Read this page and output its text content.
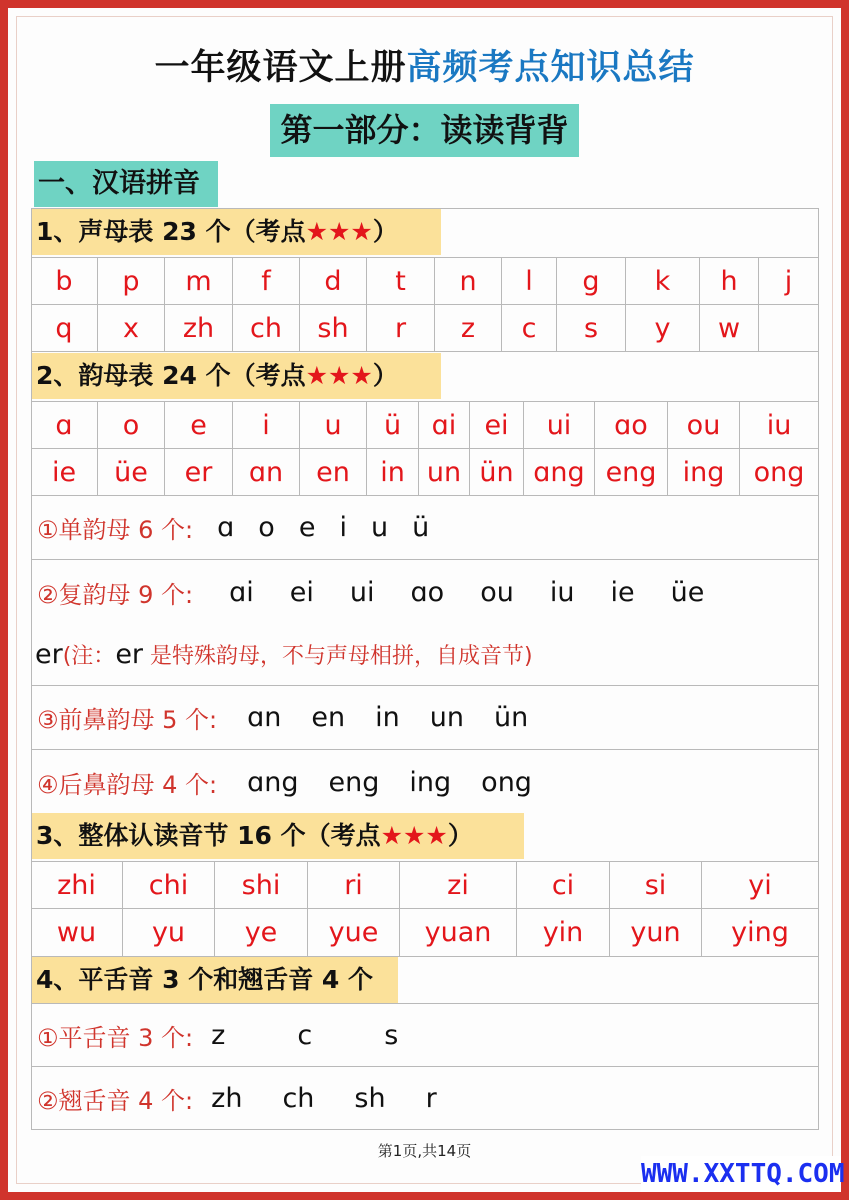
一年级语文上册高频考点知识总结
第一部分：读读背背
一、汉语拼音
1、声母表 23 个（考点★★★）
b	p	m	f	d	t	n	l	g	k	h	j
q	x	zh	ch	sh	r	z	c	s	y	w
2、韵母表 24 个（考点★★★）
ɑ	o	e	i	u	ü	ɑi	ei	ui	ɑo	ou	iu
ie	üe	er	ɑn	en	in un ün ɑng eng ing	ong
①单韵母 6 个: ɑ o e i u ü
②复韵母 9 个:	ɑi ei ui ɑo ou iu ie üe
er (注：er 是特殊韵母，不与声母相拼，自成音节)
③前鼻韵母 5 个:	ɑn en in un ün
④后鼻韵母 4 个:	ɑng eng ing ong
3、整体认读音节 16 个（考点★★★）
zhi	chi	shi	ri	zi	ci	si	yi
wu	yu	ye	yue	yuan	yin	yun	ying
4、平舌音 3 个和翘舌音 4 个
①平舌音 3 个: z	c	s
②翘舌音 4 个: zh ch sh r
第1页,共14页
WWW.XXTTQ.COM
